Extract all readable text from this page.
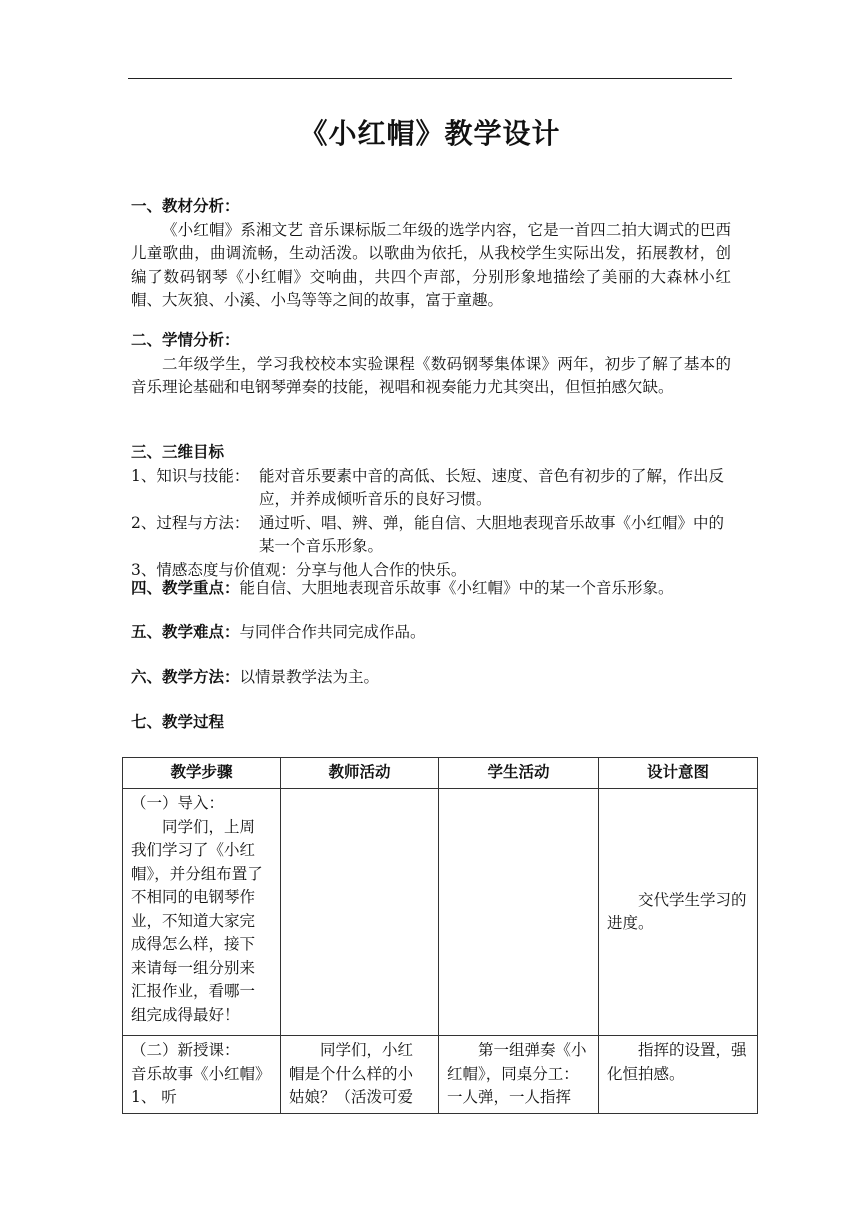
《小红帽》教学设计
一、教材分析：
《小红帽》系湘文艺 音乐课标版二年级的选学内容，它是一首四二拍大调式的巴西儿童歌曲，曲调流畅，生动活泼。以歌曲为依托，从我校学生实际出发，拓展教材，创编了数码钢琴《小红帽》交响曲，共四个声部，分别形象地描绘了美丽的大森林小红帽、大灰狼、小溪、小鸟等等之间的故事，富于童趣。
二、学情分析：
二年级学生，学习我校校本实验课程《数码钢琴集体课》两年，初步了解了基本的音乐理论基础和电钢琴弹奏的技能，视唱和视奏能力尤其突出，但恒拍感欠缺。
三、三维目标
1、知识与技能： 能对音乐要素中音的高低、长短、速度、音色有初步的了解，作出反应，并养成倾听音乐的良好习惯。
2、过程与方法： 通过听、唱、辨、弹，能自信、大胆地表现音乐故事《小红帽》中的某一个音乐形象。
3、情感态度与价值观：分享与他人合作的快乐。
四、教学重点：能自信、大胆地表现音乐故事《小红帽》中的某一个音乐形象。
五、教学难点：与同伴合作共同完成作品。
六、教学方法：以情景教学法为主。
七、教学过程
教学步骤	教师活动	学生活动	设计意图

（一）导入：
同学们，上周我们学习了《小红帽》，并分组布置了不相同的电钢琴作业，不知道大家完成得怎么样，接下来请每一组分别来汇报作业，看哪一组完成得最好！			交代学生学习的进度。

（二）新授课：
音乐故事《小红帽》
1、 听	同学们，小红帽是个什么样的小姑娘？（活泼可爱	第一组弹奏《小红帽》，同桌分工：一人弹，一人指挥	指挥的设置，强化恒拍感。
